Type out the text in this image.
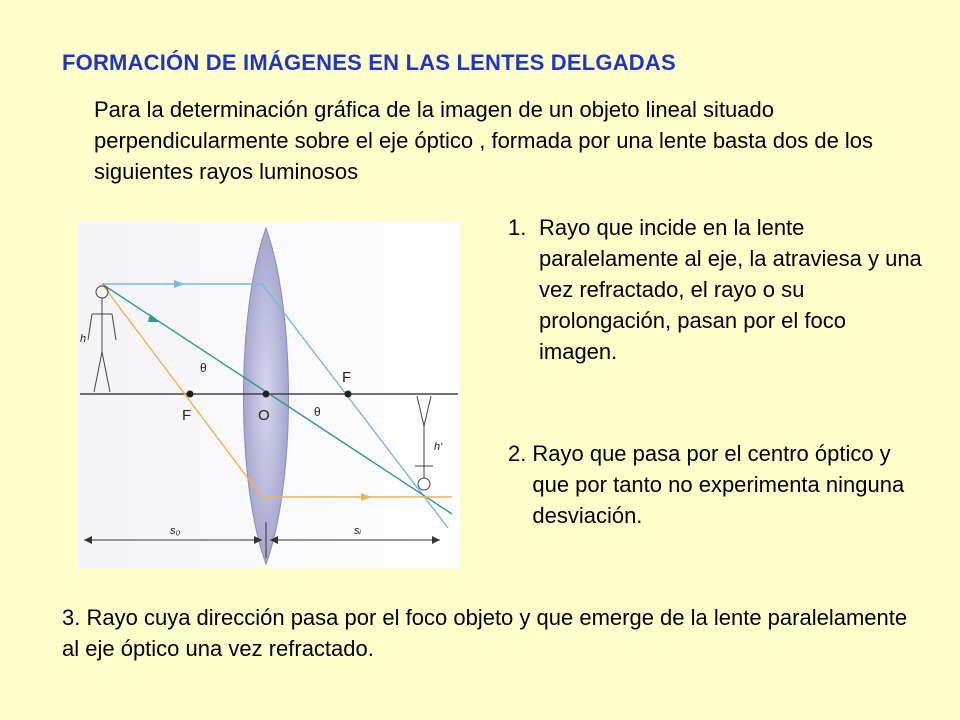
FORMACIÓN DE IMÁGENES EN LAS LENTES DELGADAS
Para la determinación gráfica de la imagen de un objeto lineal situado perpendicularmente sobre el eje óptico , formada por una lente basta dos de los siguientes rayos luminosos
F	O
F
θ
θ
h
h'
s₀	sᵢ
1. Rayo que incide en la lente paralelamente al eje, la atraviesa y una vez refractado, el rayo o su prolongación, pasan por el foco imagen.
2. Rayo que pasa por el centro óptico y que por tanto no experimenta ninguna desviación.
3. Rayo cuya dirección pasa por el foco objeto y que emerge de la lente paralelamente al eje óptico una vez refractado.
